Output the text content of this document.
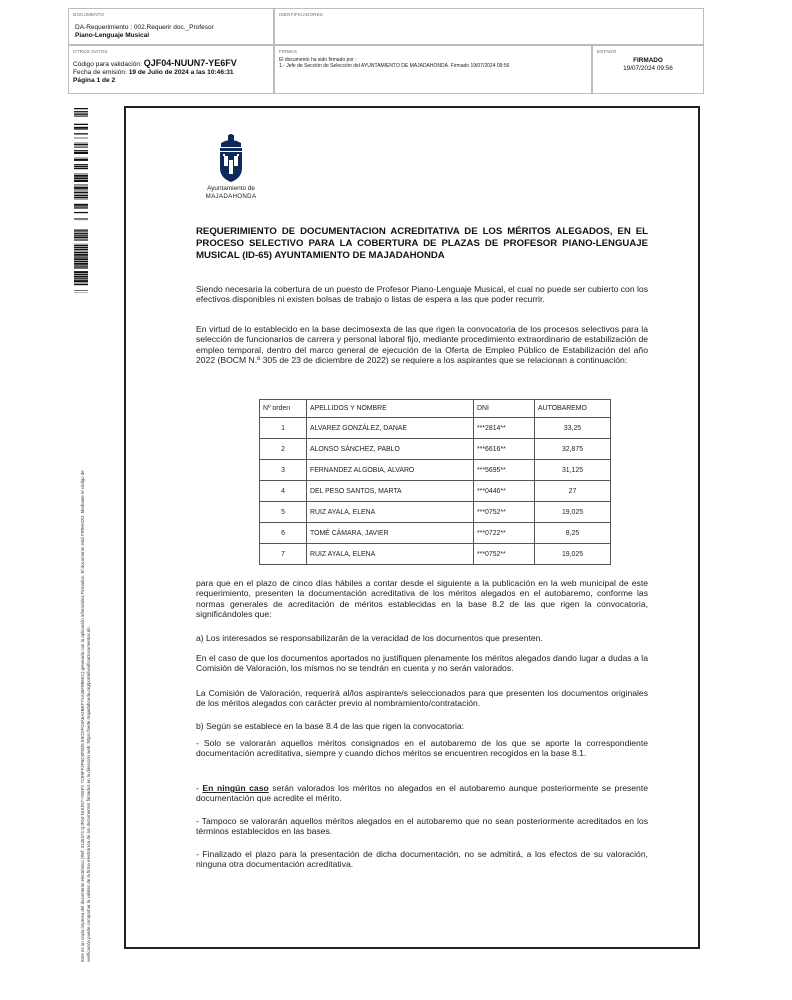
DOCUMENTO
DA-Requerimiento : 002.Requerir doc._Profesor
Piano-Lenguaje Musical
IDENTIFICADORES
OTROS DATOS
Código para validación: QJF04-NUUN7-YE6FV
Fecha de emisión: 19 de Julio de 2024 a las 10:46:31
Página 1 de 2
FIRMAS
El documento ha sido firmado por :
1.- Jefe de Sección de Selección del AYUNTAMIENTO DE MAJADAHONDA. Firmado 19/07/2024 09:56
ESTADO
FIRMADO
19/07/2024 09:56
Este es un copia impresa del documento electrónico (Ref: 3145374 QJF04-NUUN7-YE6FV 7C89FF2FBC6F0D6 E9CDFC8A5A2BEF7AA35F9B6EC) generada con la aplicación informática Firmadoc. El documento está FIRMADO. Mediante el código de verificación puede comprobar la validez de la firma electrónica de los documentos firmados en la dirección web: https://sede.majadahonda.org/portal/verificaDocumentos.do
Ayuntamiento de
MAJADAHONDA
REQUERIMIENTO DE DOCUMENTACION ACREDITATIVA DE LOS MÉRITOS ALEGADOS, EN EL PROCESO SELECTIVO PARA LA COBERTURA DE PLAZAS DE PROFESOR PIANO-LENGUAJE MUSICAL (ID-65) AYUNTAMIENTO DE MAJADAHONDA
Siendo necesaria la cobertura de un puesto de Profesor Piano-Lenguaje Musical, el cual no puede ser cubierto con los efectivos disponibles ni existen bolsas de trabajo o listas de espera a las que poder recurrir.
En virtud de lo establecido en la base decimosexta de las que rigen la convocatoria de los procesos selectivos para la selección de funcionarios de carrera y personal laboral fijo, mediante procedimiento extraordinario de estabilización de empleo temporal, dentro del marco general de ejecución de la Oferta de Empleo Público de Estabilización del año 2022 (BOCM N.º 305 de 23 de diciembre de 2022) se requiere a los aspirantes que se relacionan a continuación:
Nº orden	APELLIDOS Y NOMBRE	DNI	AUTOBAREMO
1	ALVAREZ GONZÁLEZ, DANAE	***2814**	33,25
2	ALONSO SÁNCHEZ, PABLO	***6616**	32,875
3	FERNANDEZ ALGOBIA, ALVARO	***5695**	31,125
4	DEL PESO SANTOS, MARTA	***0446**	27
5	RUIZ AYALA, ELENA	***0752**	19,025
6	TOMÉ CÁMARA, JAVIER	***0722**	8,25
7	RUIZ AYALA, ELENA	***0752**	19,025
para que en el plazo de cinco días hábiles a contar desde el siguiente a la publicación en la web municipal de este requerimiento, presenten la documentación acreditativa de los méritos alegados en el autobaremo, conforme las normas generales de acreditación de méritos establecidas en la base 8.2 de las que rigen la convocatoria, significándoles que:
a) Los interesados se responsabilizarán de la veracidad de los documentos que presenten.
En el caso de que los documentos aportados no justifiquen plenamente los méritos alegados dando lugar a dudas a la Comisión de Valoración, los mismos no se tendrán en cuenta y no serán valorados.
La Comisión de Valoración, requerirá al/los aspirante/s seleccionados para que presenten los documentos originales de los méritos alegados con carácter previo al nombramiento/contratación.
b) Según se establece en la base 8.4 de las que rigen la convocatoria:
- Solo se valorarán aquellos méritos consignados en el autobaremo de los que se aporte la correspondiente documentación acreditativa, siempre y cuando dichos méritos se encuentren recogidos en la base 8.1.
- En ningún caso serán valorados los méritos no alegados en el autobaremo aunque posteriormente se presente documentación que acredite el mérito.
- Tampoco se valorarán aquellos méritos alegados en el autobaremo que no sean posteriormente acreditados en los términos establecidos en las bases.
- Finalizado el plazo para la presentación de dicha documentación, no se admitirá, a los efectos de su valoración, ninguna otra documentación acreditativa.
